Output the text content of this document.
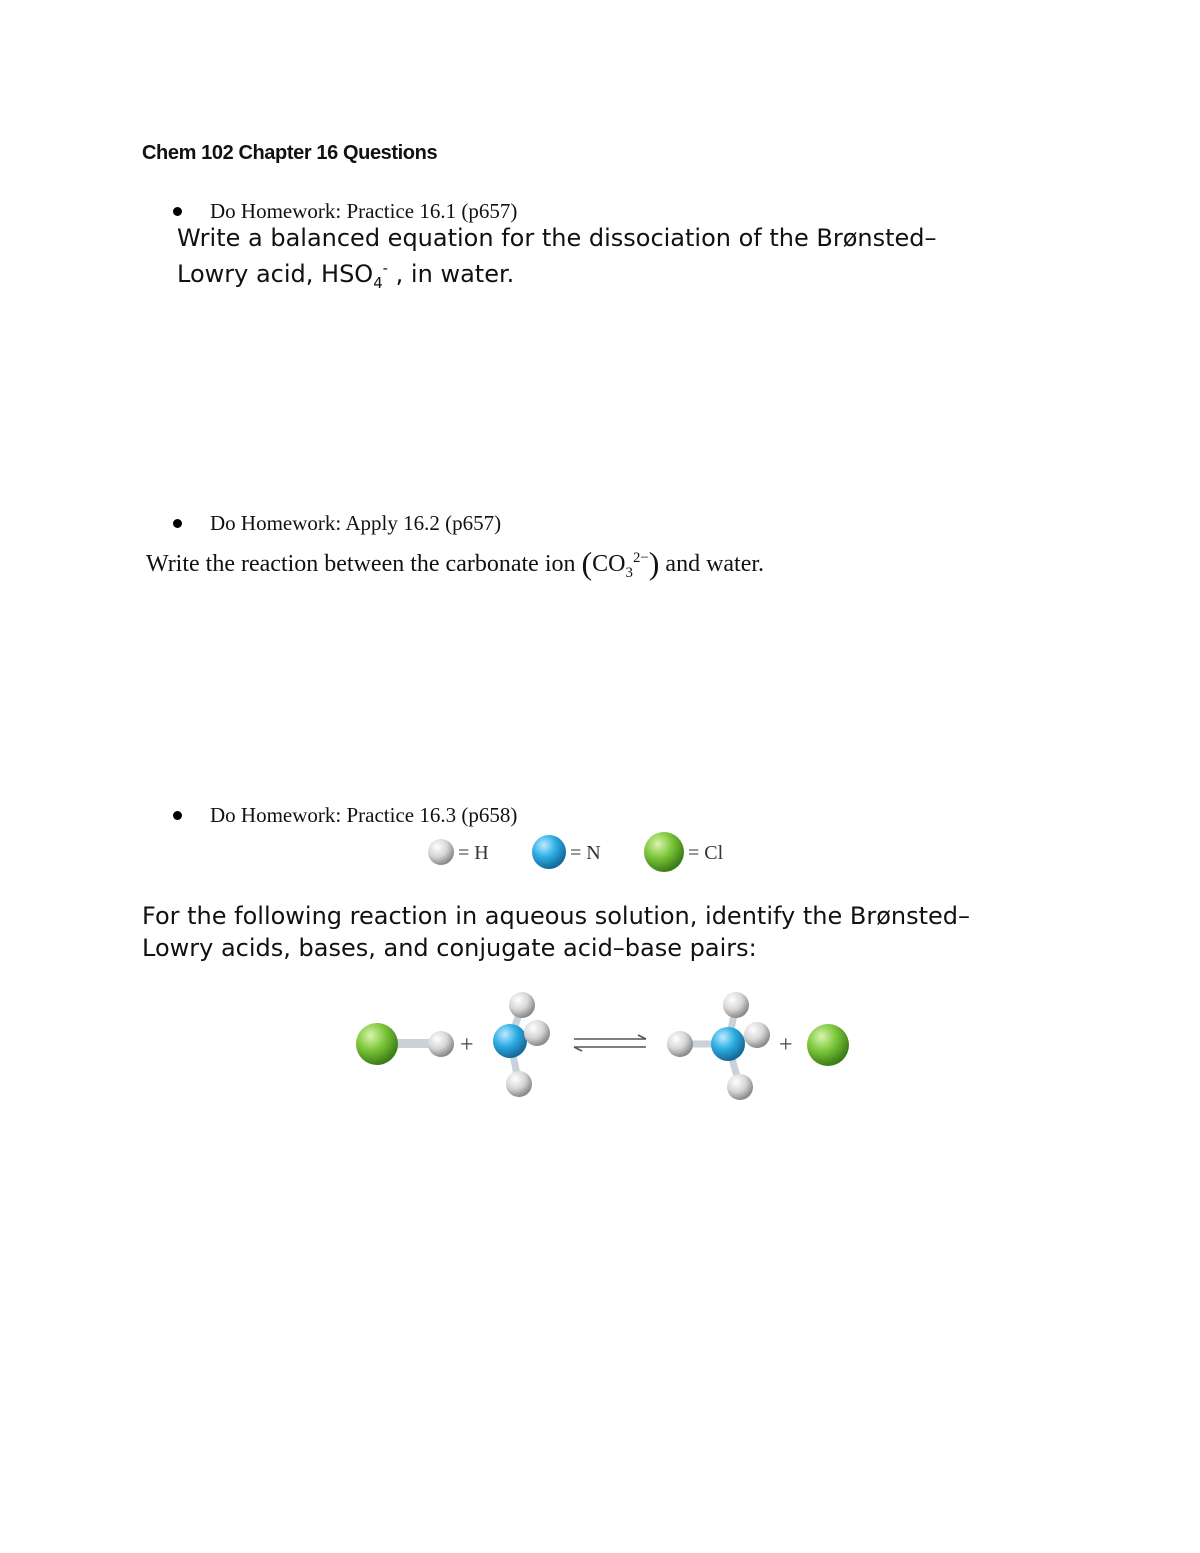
Chem 102 Chapter 16 Questions
Do Homework: Practice 16.1 (p657)
Write a balanced equation for the dissociation of the Brønsted–
Lowry acid, $HSO_4^-$ , in water.
Do Homework: Apply 16.2 (p657)
Write the reaction between the carbonate ion $(CO_3^{2-})$ and water.
Do Homework: Practice 16.3 (p658)
= H	= N	= Cl
For the following reaction in aqueous solution, identify the Brønsted–
Lowry acids, bases, and conjugate acid–base pairs:
+	+
